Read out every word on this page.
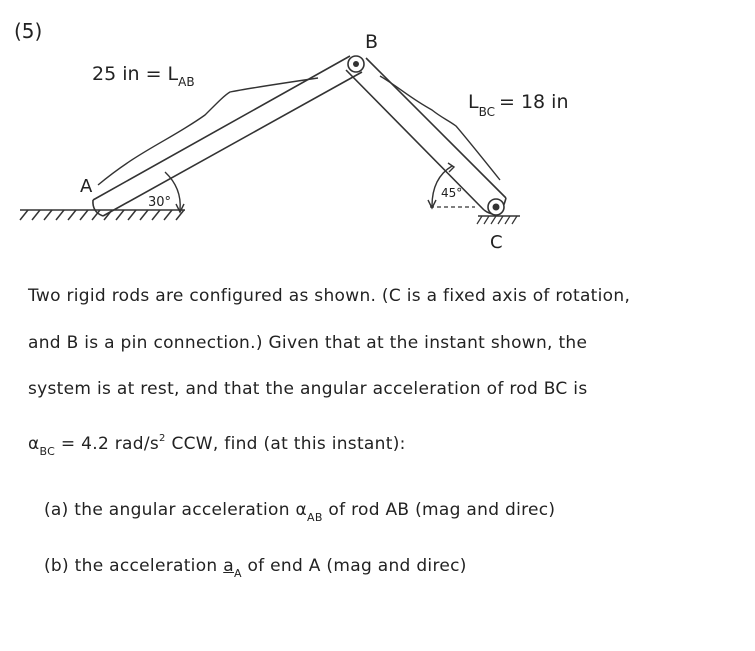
(5)	B
A
C
25 in = $L_{AB}$
$L_{BC} = 18$ in
30°
45°
Two rigid rods are configured as shown. (C is a fixed axis of rotation,
and B is a pin connection.) Given that at the instant shown, the
system is at rest, and that the angular acceleration of rod BC is
$\alpha_{BC} = 4.2$ rad/$s^2$ CCW, find (at this instant):
(a) the angular acceleration $\alpha_{AB}$ of rod AB (mag and direc)
(b) the acceleration $a_A$ of end A (mag and direc)
